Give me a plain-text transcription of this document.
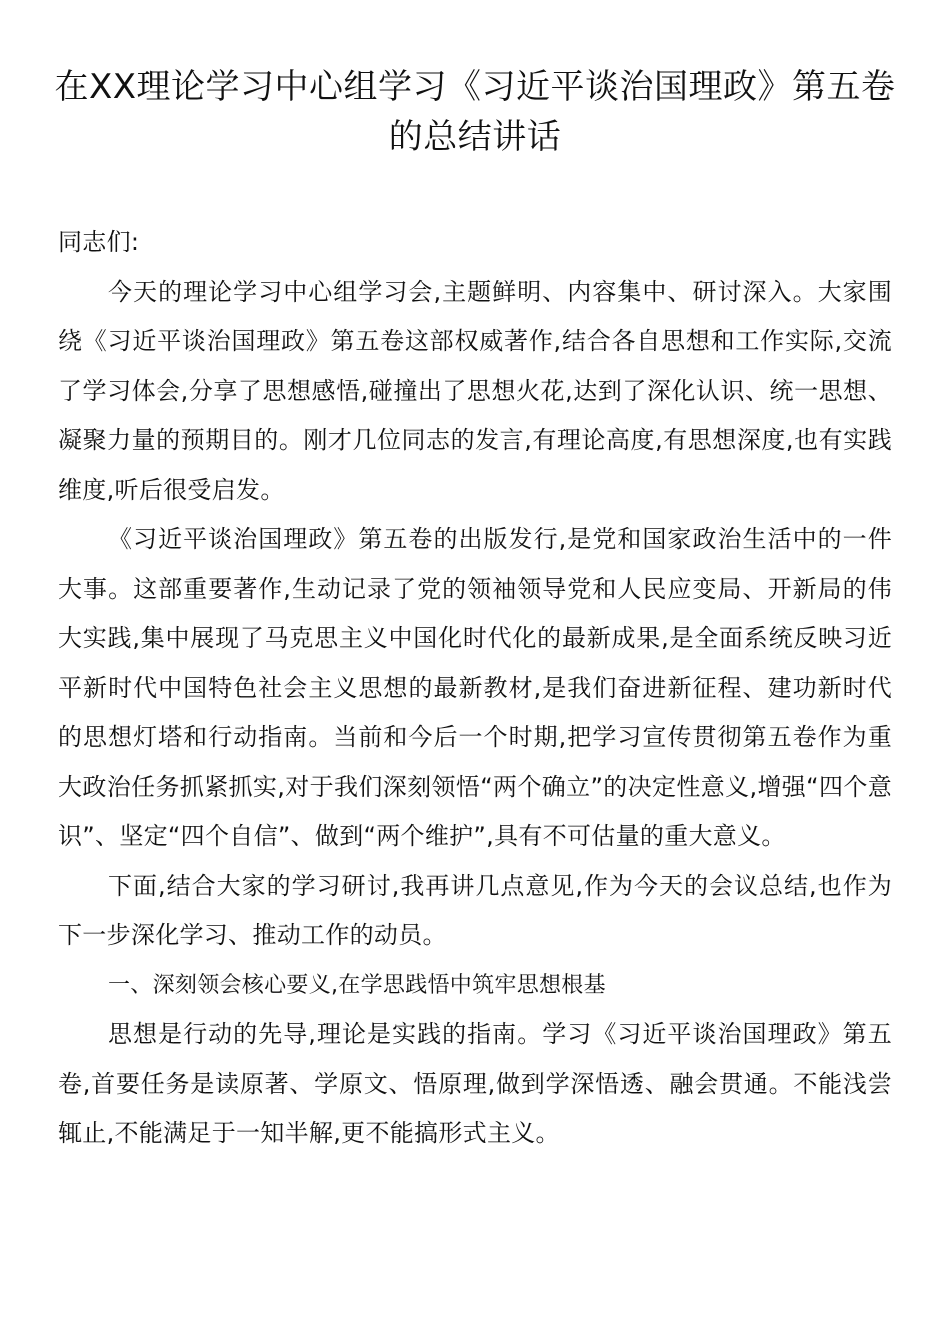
在XX理论学习中心组学习《习近平谈治国理政》第五卷的总结讲话

同志们:

今天的理论学习中心组学习会,主题鲜明、内容集中、研讨深入。大家围绕《习近平谈治国理政》第五卷这部权威著作,结合各自思想和工作实际,交流了学习体会,分享了思想感悟,碰撞出了思想火花,达到了深化认识、统一思想、凝聚力量的预期目的。刚才几位同志的发言,有理论高度,有思想深度,也有实践维度,听后很受启发。

《习近平谈治国理政》第五卷的出版发行,是党和国家政治生活中的一件大事。这部重要著作,生动记录了党的领袖领导党和人民应变局、开新局的伟大实践,集中展现了马克思主义中国化时代化的最新成果,是全面系统反映习近平新时代中国特色社会主义思想的最新教材,是我们奋进新征程、建功新时代的思想灯塔和行动指南。当前和今后一个时期,把学习宣传贯彻第五卷作为重大政治任务抓紧抓实,对于我们深刻领悟“两个确立”的决定性意义,增强“四个意识”、坚定“四个自信”、做到“两个维护”,具有不可估量的重大意义。

下面,结合大家的学习研讨,我再讲几点意见,作为今天的会议总结,也作为下一步深化学习、推动工作的动员。

一、深刻领会核心要义,在学思践悟中筑牢思想根基

思想是行动的先导,理论是实践的指南。学习《习近平谈治国理政》第五卷,首要任务是读原著、学原文、悟原理,做到学深悟透、融会贯通。不能浅尝辄止,不能满足于一知半解,更不能搞形式主义。
